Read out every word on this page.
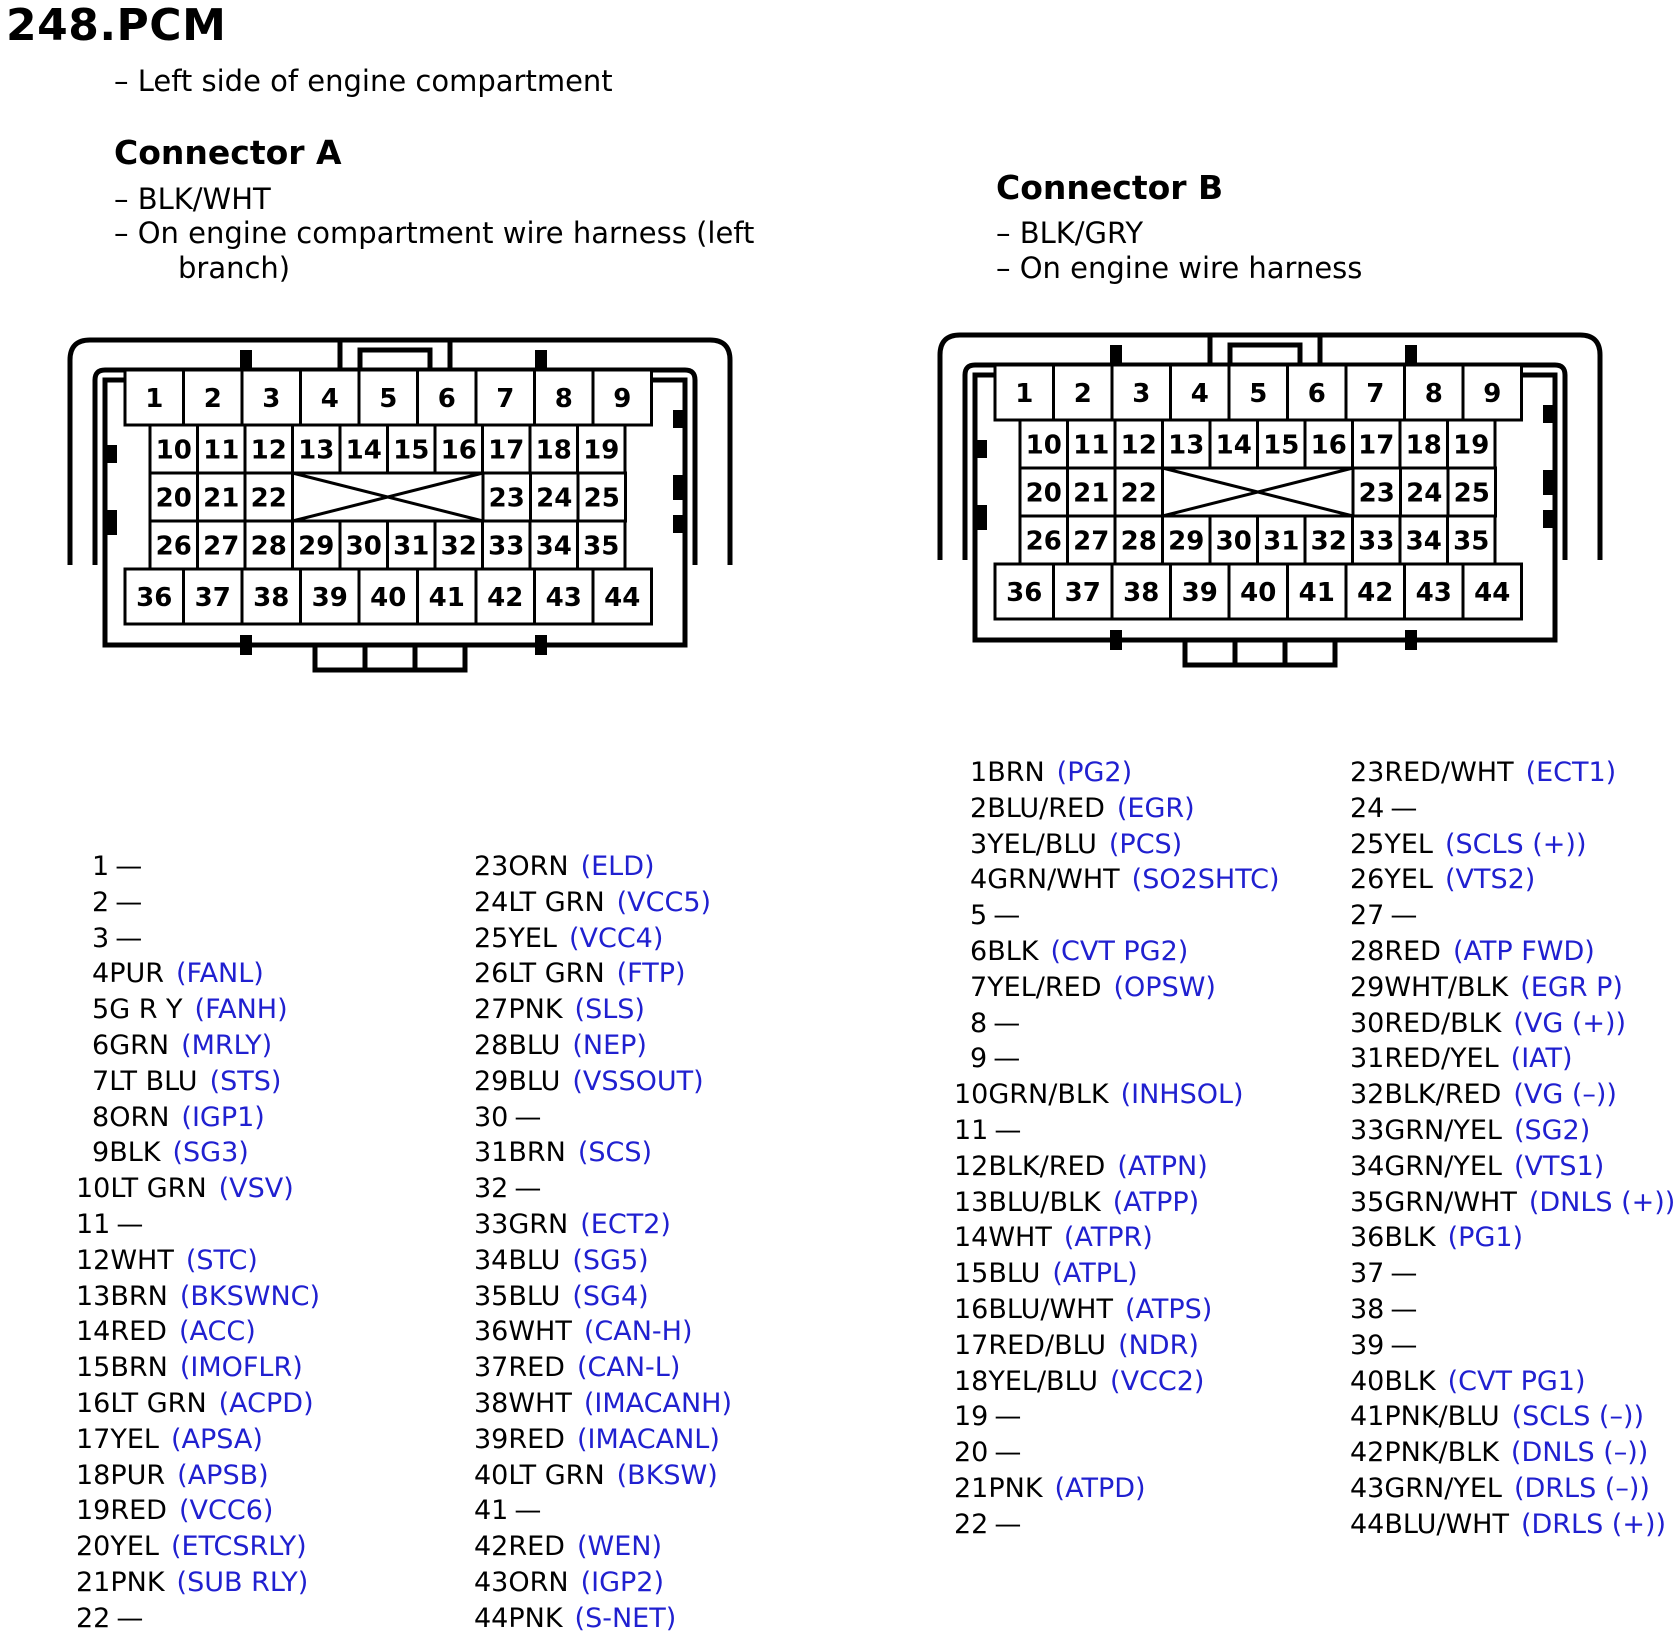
248.PCM
– Left side of engine compartment
Connector A
– BLK/WHT
– On engine compartment wire harness (left
branch)
Connector B
– BLK/GRY
– On engine wire harness
1 2 3 4 5 6 7 8 9
10 11 12 13 14 15 16 17 18 19
20 21 22	23 24 25
26 27 28 29 30 31 32 33 34 35
36 37 38 39 40 41 42 43 44
1 2 3 4 5 6 7 8 9
10 11 12 13 14 15 16 17 18 19
20 21 22	23 24 25
26 27 28 29 30 31 32 33 34 35
36 37 38 39 40 41 42 43 44
1 —
2 —
3 —
4PUR (FANL)
5G R Y (FANH)
6GRN (MRLY)
7LT BLU (STS)
8ORN (IGP1)
9BLK (SG3)
10LT GRN (VSV)
11 —
12WHT (STC)
13BRN (BKSWNC)
14RED (ACC)
15BRN (IMOFLR)
16LT GRN (ACPD)
17YEL (APSA)
18PUR (APSB)
19RED (VCC6)
20YEL (ETCSRLY)
21PNK (SUB RLY)
22 —
23ORN (ELD)
24LT GRN (VCC5)
25YEL (VCC4)
26LT GRN (FTP)
27PNK (SLS)
28BLU (NEP)
29BLU (VSSOUT)
30 —
31BRN (SCS)
32 —
33GRN (ECT2)
34BLU (SG5)
35BLU (SG4)
36WHT (CAN-H)
37RED (CAN-L)
38WHT (IMACANH)
39RED (IMACANL)
40LT GRN (BKSW)
41 —
42RED (WEN)
43ORN (IGP2)
44PNK (S-NET)
1BRN (PG2)
2BLU/RED (EGR)
3YEL/BLU (PCS)
4GRN/WHT (SO2SHTC)
5 —
6BLK (CVT PG2)
7YEL/RED (OPSW)
8 —
9 —
10GRN/BLK (INHSOL)
11 —
12BLK/RED (ATPN)
13BLU/BLK (ATPP)
14WHT (ATPR)
15BLU (ATPL)
16BLU/WHT (ATPS)
17RED/BLU (NDR)
18YEL/BLU (VCC2)
19 —
20 —
21PNK (ATPD)
22 —
23RED/WHT (ECT1)
24 —
25YEL (SCLS (+))
26YEL (VTS2)
27 —
28RED (ATP FWD)
29WHT/BLK (EGR P)
30RED/BLK (VG (+))
31RED/YEL (IAT)
32BLK/RED (VG (–))
33GRN/YEL (SG2)
34GRN/YEL (VTS1)
35GRN/WHT (DNLS (+))
36BLK (PG1)
37 —
38 —
39 —
40BLK (CVT PG1)
41PNK/BLU (SCLS (–))
42PNK/BLK (DNLS (–))
43GRN/YEL (DRLS (–))
44BLU/WHT (DRLS (+))
